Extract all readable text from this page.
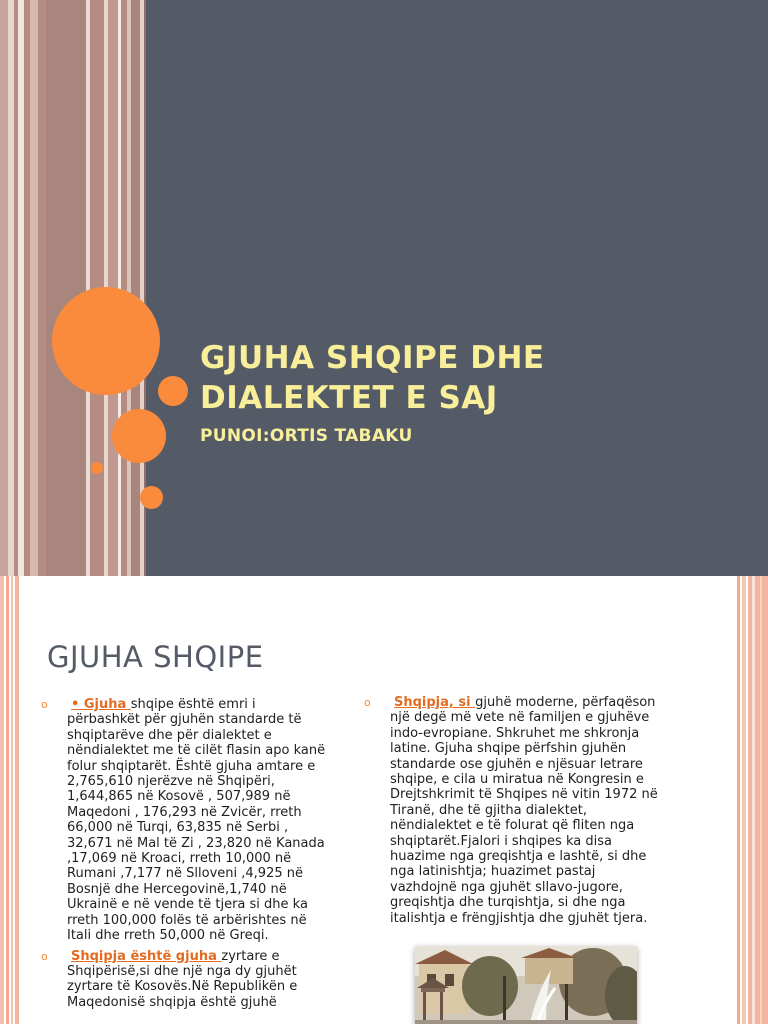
GJUHA SHQIPE DHE
DIALEKTET E SAJ
PUNOI:ORTIS TABAKU
GJUHA SHQIPE
o • Gjuha shqipe është emri i
përbashkët për gjuhën standarde të
shqiptarëve dhe për dialektet e
nëndialektet me të cilët flasin apo kanë
folur shqiptarët. Është gjuha amtare e
2,765,610 njerëzve në Shqipëri,
1,644,865 në Kosovë , 507,989 në
Maqedoni , 176,293 në Zvicër, rreth
66,000 në Turqi, 63,835 në Serbi ,
32,671 në Mal të Zi , 23,820 në Kanada
,17,069 në Kroaci, rreth 10,000 në
Rumani ,7,177 në Slloveni ,4,925 në
Bosnjë dhe Hercegovinë,1,740 në
Ukrainë e në vende të tjera si dhe ka
rreth 100,000 folës të arbërishtes në
Itali dhe rreth 50,000 në Greqi.
o Shqipja është gjuha zyrtare e
Shqipërisë,si dhe një nga dy gjuhët
zyrtare të Kosovës.Në Republikën e
Maqedonisë shqipja është gjuhë
o Shqipja, si gjuhë moderne, përfaqëson
një degë më vete në familjen e gjuhëve
indo-evropiane. Shkruhet me shkronja
latine. Gjuha shqipe përfshin gjuhën
standarde ose gjuhën e njësuar letrare
shqipe, e cila u miratua në Kongresin e
Drejtshkrimit të Shqipes në vitin 1972 në
Tiranë, dhe të gjitha dialektet,
nëndialektet e të folurat që fliten nga
shqiptarët.Fjalori i shqipes ka disa
huazime nga greqishtja e lashtë, si dhe
nga latinishtja; huazimet pastaj
vazhdojnë nga gjuhët sllavo-jugore,
greqishtja dhe turqishtja, si dhe nga
italishtja e frëngjishtja dhe gjuhët tjera.
